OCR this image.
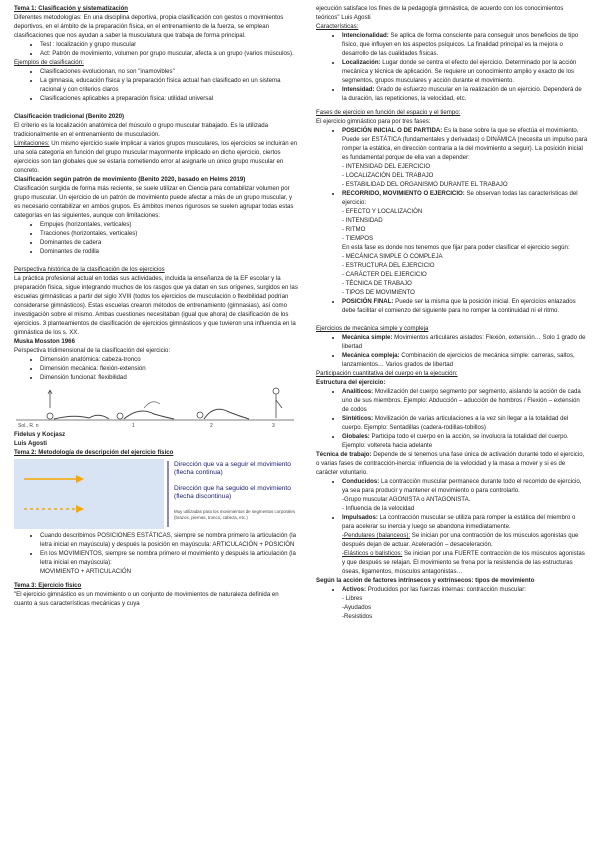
Tema 1: Clasificación y sistematización

Diferentes metodologías: En una disciplina deportiva, propia clasificación con gestos o movimientos deportivos, en el ámbito de la preparación física, en el entrenamiento de la fuerza, se emplean clasificaciones que nos ayudan a saber la musculatura que trabaja de forma principal.

• Test : localización y grupo muscular
• Act: Patrón de movimiento, volumen por grupo muscular, afecta a un grupo (varios músculos).

Ejemplos de clasificación:

• Clasificaciones evolucionan, no son "inamovibles"
• La gimnasia, educación física y la preparación física actual han clasificado en un sistema racional y con criterios claros
• Clasificaciones aplicables a preparación física: utilidad universal

Clasificación tradicional (Benito 2020)

El criterio es la localización anatómica del músculo o grupo muscular trabajado. Es la utilizada tradicionalmente en el entrenamiento de musculación.

Limitaciones: Un mismo ejercicio suele implicar a varios grupos musculares, los ejercicios se incluirán en una sola categoría en función del grupo muscular mayormente implicado en dicho ejercicio, ciertos ejercicios son tan globales que se estaría cometiendo error al asignarle un único grupo muscular en concreto.

Clasificación según patrón de movimiento (Benito 2020, basado en Helms 2019)

Clasificación surgida de forma más reciente, se suele utilizar en Ciencia para contabilizar volumen por grupo muscular. Un ejercicio de un patrón de movimiento puede afectar a más de un grupo muscular, y es necesario contabilizar en ambos grupos. Es ámbitos menos rigurosos se suelen agrupar todas estas categorías en las siguientes, aunque con limitaciones:

• Empujes (horizontales, verticales)
• Tracciones (horizontales, verticales)
• Dominantes de cadera
• Dominantes de rodilla

Perspectiva histórica de la clasificación de los ejercicios

La práctica profesional actual en todas sus actividades, incluida la enseñanza de la EF escolar y la preparación física, sigue integrando muchos de los rasgos que ya datan en sus orígenes, surgidos en las escuelas gimnásticas a partir del siglo XVIII (todos los ejercicios de musculación o flexibilidad podrían considerarse gimnásticos). Estas escuelas crearon métodos de entrenamiento (gimnasias), así como investigación sobre el mismo. Ambas cuestiones necesitaban (igual que ahora) de clasificación de los ejercicios. 3 planteamientos de clasificación de ejercicios gimnásticos y que tuvieron una influencia en la gimnástica de los s. XX.

Muska Mosston 1966

Perspectiva tridimensional de la clasificación del ejercicio:

• Dimensión anatómica: cabeza-tronco
• Dimensión mecánica: flexión-extensión
• Dimensión funcional: flexibilidad
Sol., R. n	1	2	3

Fidelus y Kocjasz

Luis Agosti

Tema 2: Metodología de descripción del ejercicio físico

Dirección que va a seguir el movimiento
(flecha continua)
Dirección que ha seguido el movimiento
(flecha discontinua)
Muy utilizadas para los movimientos de segmentos corporales (brazos, piernas, tronco, cabeza, etc.)
• Cuando describimos POSICIONES ESTÁTICAS, siempre se nombra primero la articulación (la letra inicial en mayúscula) y después la posición en mayúscula: ARTICULACIÓN + POSICIÓN
• En los MOVIMIENTOS, siempre se nombra primero el movimiento y después la articulación (la letra inicial en mayúscula):
MOVIMIENTO + ARTICULACIÓN

Tema 3: Ejercicio físico

"El ejercicio gimnástico es un movimiento o un conjunto de movimientos de naturaleza definida en cuanto a sus características mecánicas y cuya

ejecución satisface los fines de la pedagogía gimnástica, de acuerdo con los conocimientos teóricos" Luis Agosti

Características:

• Intencionalidad: Se aplica de forma consciente para conseguir unos beneficios de tipo físico, que influyen en los aspectos psíquicos. La finalidad principal es la mejora o desarrollo de las cualidades físicas.
• Localización: Lugar donde se centra el efecto del ejercicio. Determinado por la acción mecánica y técnica de aplicación. Se requiere un conocimiento amplio y exacto de los segmentos, grupos musculares y acción durante el movimiento.
• Intensidad: Grado de esfuerzo muscular en la realización de un ejercicio. Dependerá de la duración, las repeticiones, la velocidad, etc.

Fases de ejercicio en función del espacio y el tiempo:

El ejercicio gimnástico para por tres fases:

• POSICIÓN INICIAL O DE PARTIDA: Es la base sobre la que se efectúa el movimiento. Puede ser ESTÁTICA (fundamentales y derivadas) o DINÁMICA (necesita un impulso para romper la estática, en dirección contraria a la del movimiento a seguir). La posición inicial es fundamental porque de ella van a depender:
- INTENSIDAD DEL EJERCICIO
- LOCALIZACIÓN DEL TRABAJO
- ESTABILIDAD DEL ORGANISMO DURANTE EL TRABAJO
• RECORRIDO, MOVIMIENTO O EJERCICIO: Se observan todas las características del ejercicio:
- EFECTO Y LOCALIZACIÓN
- INTENSIDAD
- RITMO
- TIEMPOS
En esta fase es donde nos tenemos que fijar para poder clasificar el ejercicio según:
- MECÁNICA SIMPLE O COMPLEJA
- ESTRUCTURA DEL EJERCICIO
- CARÁCTER DEL EJERCICIO
- TÉCNICA DE TRABAJO
- TIPOS DE MOVIMIENTO
• POSICIÓN FINAL: Puede ser la misma que la posición inicial. En ejercicios enlazados debe facilitar el comienzo del siguiente para no romper la continuidad ni el ritmo.

Ejercicios de mecánica simple y compleja

• Mecánica simple: Movimientos articulares aislados: Flexión, extensión… Solo 1 grado de libertad
• Mecánica compleja: Combinación de ejercicios de mecánica simple: carreras, saltos, lanzamientos… Varios grados de libertad

Participación cuantitativa del cuerpo en la ejecución:

Estructura del ejercicio:

• Analíticos: Movilización del cuerpo segmento por segmento, aislando la acción de cada uno de sus miembros. Ejemplo: Abducción – aducción de hombros / Flexión – extensión de codos
• Sintéticos: Movilización de varias articulaciones a la vez sin llegar a la totalidad del cuerpo. Ejemplo: Sentadillas (cadera-rodillas-tobillos)
• Globales: Participa todo el cuerpo en la acción, se involucra la totalidad del cuerpo. Ejemplo: voltereta hacia adelante

Técnica de trabajo: Depende de si tenemos una fase única de activación durante todo el ejercicio, o varias fases de contracción-inercia: influencia de la velocidad y la masa a mover y si es de carácter voluntario.

• Conducidos: La contracción muscular permanece durante todo el recorrido de ejercicio, ya sea para producir y mantener el movimiento o para controlarlo.
-Grupo muscular AGONISTA o ANTAGONISTA.
- Influencia de la velocidad
• Impulsados: La contracción muscular se utiliza para romper la estática del miembro o para acelerar su inercia y luego se abandona inmediatamente.
-Pendulares (balanceos): Se inician por una contracción de los músculos agonistas que después dejan de actuar. Aceleración – desaceleración.
-Elásticos o balísticos: Se inician por una FUERTE contracción de los músculos agonistas y que después se relajan. El movimiento se frena por la resistencia de las estructuras óseas, ligamentos, músculos antagonistas…

Según la acción de factores intrínsecos y extrínsecos: tipos de movimiento

• Activos: Producidos por las fuerzas internas: contracción muscular:
- Libres
-Ayudados
-Resistidos
